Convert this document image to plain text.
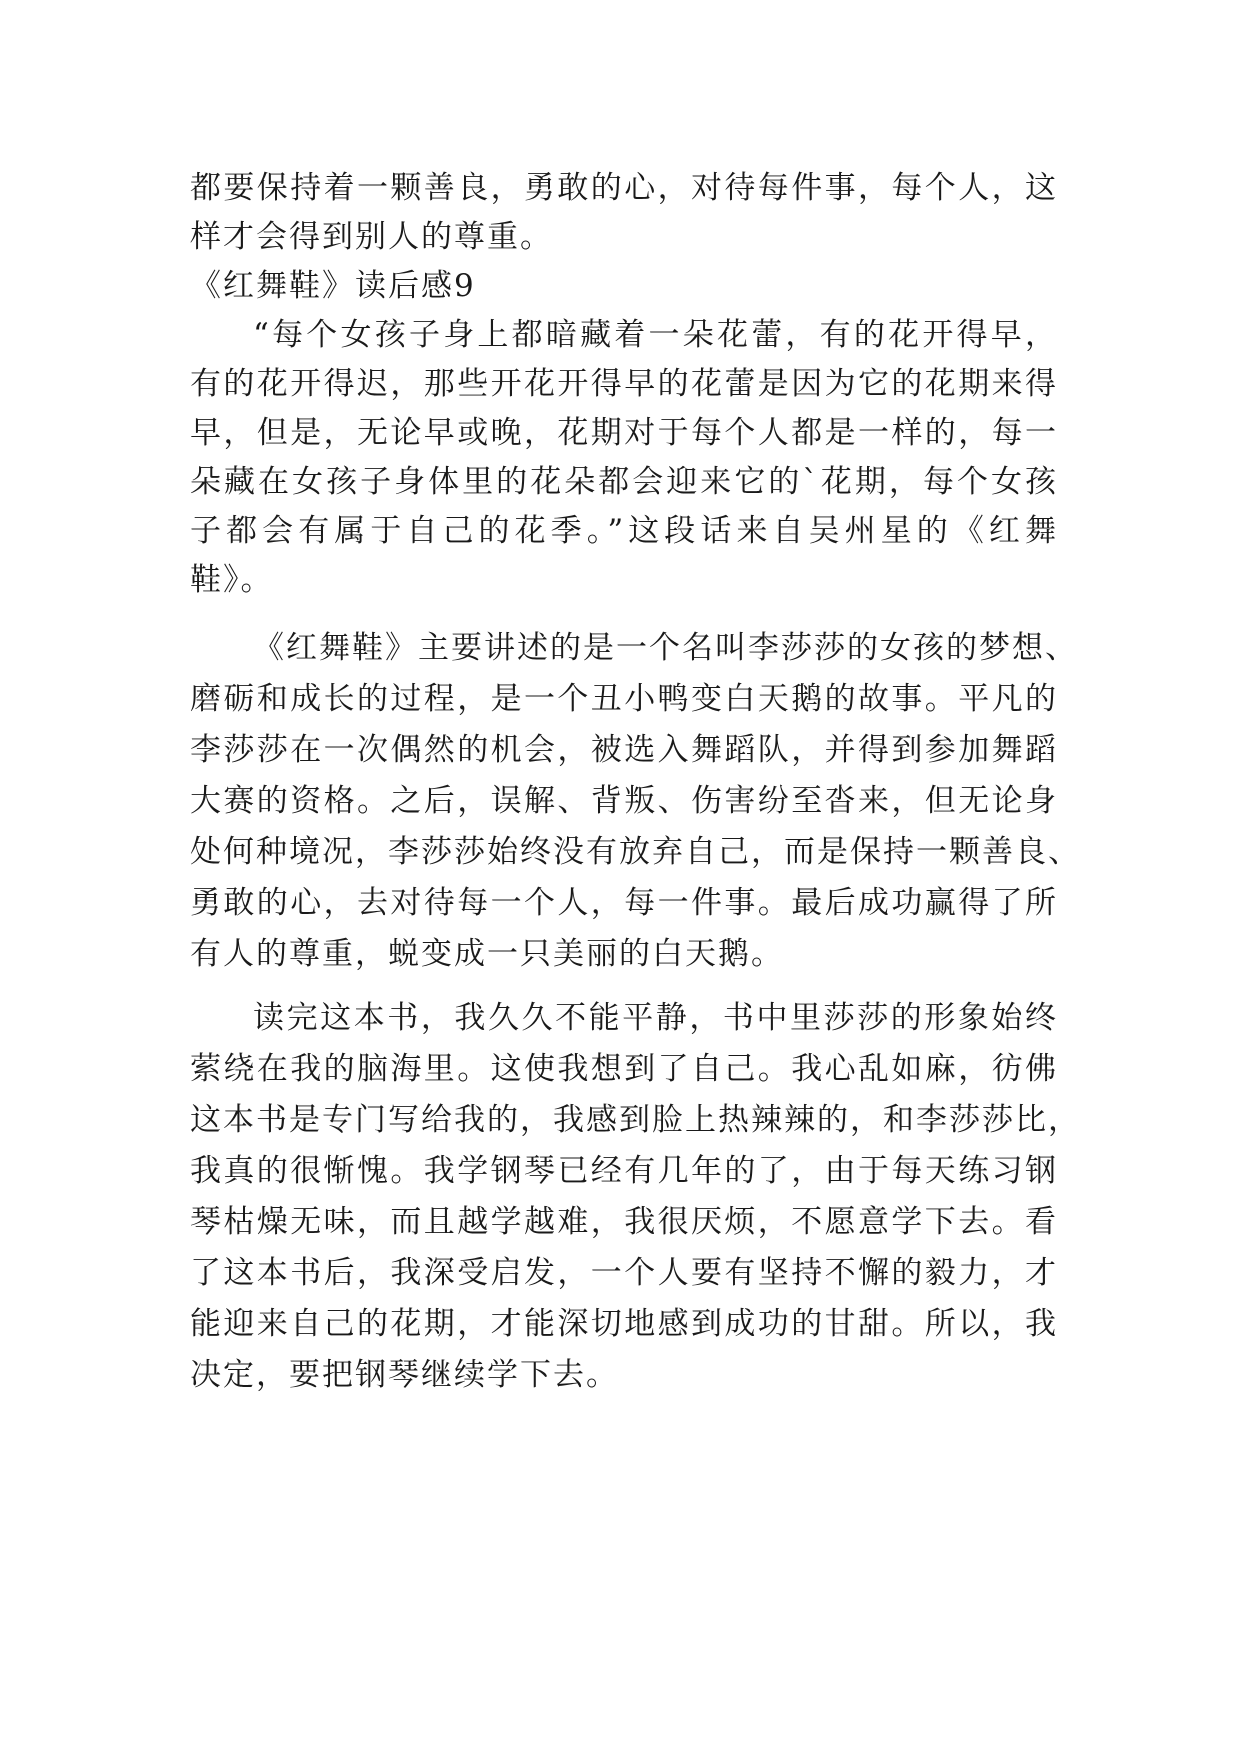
都要保持着一颗善良，勇敢的心，对待每件事，每个人，这
样才会得到别人的尊重。
《红舞鞋》读后感9
“每个女孩子身上都暗藏着一朵花蕾，有的花开得早，
有的花开得迟，那些开花开得早的花蕾是因为它的花期来得
早，但是，无论早或晚，花期对于每个人都是一样的，每一
朵藏在女孩子身体里的花朵都会迎来它的`花期，每个女孩
子都会有属于自己的花季。”这段话来自吴州星的《红舞
鞋》。
《红舞鞋》主要讲述的是一个名叫李莎莎的女孩的梦想、
磨砺和成长的过程，是一个丑小鸭变白天鹅的故事。平凡的
李莎莎在一次偶然的机会，被选入舞蹈队，并得到参加舞蹈
大赛的资格。之后，误解、背叛、伤害纷至沓来，但无论身
处何种境况，李莎莎始终没有放弃自己，而是保持一颗善良、
勇敢的心，去对待每一个人，每一件事。最后成功赢得了所
有人的尊重，蜕变成一只美丽的白天鹅。
读完这本书，我久久不能平静，书中里莎莎的形象始终
萦绕在我的脑海里。这使我想到了自己。我心乱如麻，彷佛
这本书是专门写给我的，我感到脸上热辣辣的，和李莎莎比，
我真的很惭愧。我学钢琴已经有几年的了，由于每天练习钢
琴枯燥无味，而且越学越难，我很厌烦，不愿意学下去。看
了这本书后，我深受启发，一个人要有坚持不懈的毅力，才
能迎来自己的花期，才能深切地感到成功的甘甜。所以，我
决定，要把钢琴继续学下去。
